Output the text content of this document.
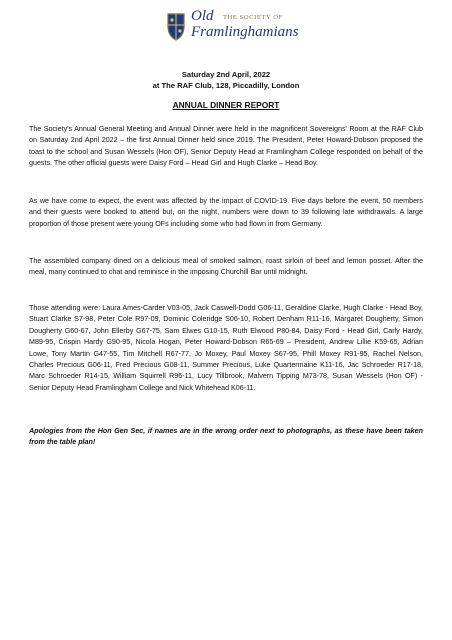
Old THE SOCIETY OF
Framlinghamians
Saturday 2nd April, 2022
at The RAF Club, 128, Piccadilly, London
ANNUAL DINNER REPORT

The Society's Annual General Meeting and Annual Dinner were held in the magnificent Sovereigns' Room at the RAF Club on Saturday 2nd April 2022 – the first Annual Dinner held since 2019. The President, Peter Howard-Dobson proposed the toast to the school and Susan Wessels (Hon OF), Senior Deputy Head at Framlingham College responded on behalf of the guests. The other official guests were Daisy Ford – Head Girl and Hugh Clarke – Head Boy.

As we have come to expect, the event was affected by the impact of COVID-19. Five days before the event, 50 members and their guests were booked to attend but, on the night, numbers were down to 39 following late withdrawals. A large proportion of those present were young OFs including some who had flown in from Germany.

The assembled company dined on a delicious meal of smoked salmon, roast sirloin of beef and lemon posset. After the meal, many continued to chat and reminisce in the imposing Churchill Bar until midnight.

Those attending were: Laura Ames-Carder V03-05, Jack Caswell-Dodd G06-11, Geraldine Clarke, Hugh Clarke - Head Boy, Stuart Clarke S7-98, Peter Cole R97-09, Dominic Coleridge S06-10, Robert Denham R11-16, Margaret Dougherty, Simon Dougherty G60-67, John Ellerby G67-75, Sam Elwes G10-15, Ruth Elwood P80-84, Daisy Ford - Head Girl, Carly Hardy, M89-95, Crispin Hardy G90-95, Nicola Hogan, Peter Howard-Dobson R65-69 – President, Andrew Lillie K59-65, Adrian Lowe, Tony Martin G47-55, Tim Mitchell R67-77, Jo Moxey, Paul Moxey S67-95, Phill Moxey R91-95, Rachel Nelson, Charles Precious G06-11, Fred Precious G08-11, Summer Precious, Luke Quartermaine K11-16, Jac Schroeder R17-18, Marc Schroeder R14-15, William Squirrell R96-11, Lucy Tillbrook, Malvern Tipping M73-78, Susan Wessels (Hon OF) - Senior Deputy Head Framlingham College and Nick Whitehead K06-11.

Apologies from the Hon Gen Sec, if names are in the wrong order next to photographs, as these have been taken from the table plan!
